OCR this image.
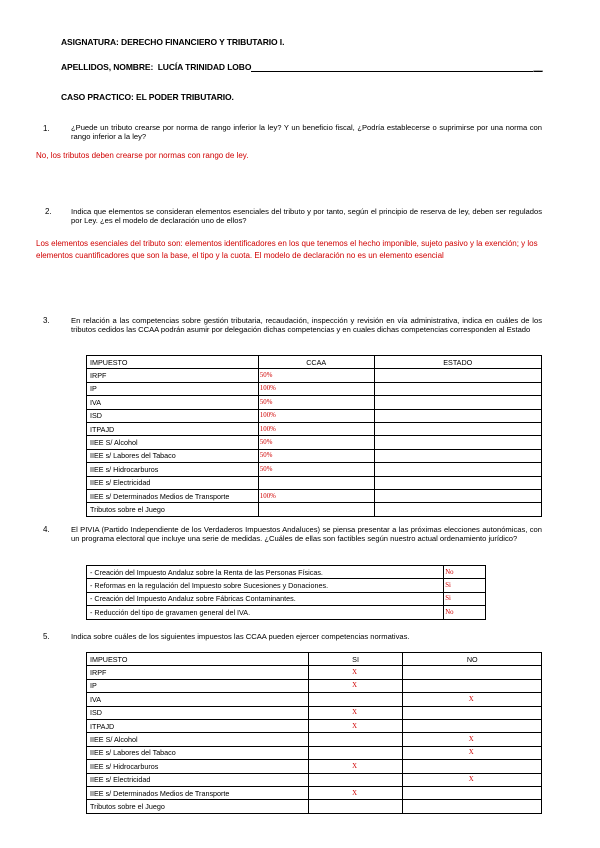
ASIGNATURA: DERECHO FINANCIERO Y TRIBUTARIO I.
APELLIDOS, NOMBRE: LUCÍA TRINIDAD LOBO	__
CASO PRACTICO: EL PODER TRIBUTARIO.
1.	¿Puede un tributo crearse por norma de rango inferior la ley? Y un beneficio fiscal, ¿Podría establecerse o suprimirse por una norma con rango inferior a la ley?
No, los tributos deben crearse por normas con rango de ley.
2.	Indica que elementos se consideran elementos esenciales del tributo y por tanto, según el principio de reserva de ley, deben ser regulados por Ley. ¿es el modelo de declaración uno de ellos?
Los elementos esenciales del tributo son: elementos identificadores en los que tenemos el hecho imponible, sujeto pasivo y la exención; y los elementos cuantificadores que son la base, el tipo y la cuota. El modelo de declaración no es un elemento esencial
3.	En relación a las competencias sobre gestión tributaria, recaudación, inspección y revisión en vía administrativa, indica en cuáles de los tributos cedidos las CCAA podrán asumir por delegación dichas competencias y en cuales dichas competencias corresponden al Estado
IMPUESTO	CCAA	ESTADO
IRPF	50%	
IP	100%	
IVA	50%	
ISD	100%	
ITPAJD	100%	
IIEE S/ Alcohol	50%	
IIEE s/ Labores del Tabaco	50%	
IIEE s/ Hidrocarburos	50%	
IIEE s/ Electricidad		
IIEE s/ Determinados Medios de Transporte	100%	
Tributos sobre el Juego		
4.	El PIVIA (Partido Independiente de los Verdaderos Impuestos Andaluces) se piensa presentar a las próximas elecciones autonómicas, con un programa electoral que incluye una serie de medidas. ¿Cuáles de ellas son factibles según nuestro actual ordenamiento jurídico?
- Creación del Impuesto Andaluz sobre la Renta de las Personas Físicas.	No
- Reformas en la regulación del Impuesto sobre Sucesiones y Donaciones.	Si
- Creación del Impuesto Andaluz sobre Fábricas Contaminantes.	Si
- Reducción del tipo de gravamen general del IVA.	No
5.	Indica sobre cuáles de los siguientes impuestos las CCAA pueden ejercer competencias normativas.
IMPUESTO	SI	NO
IRPF	X	
IP	X	
IVA		X
ISD	X	
ITPAJD	X	
IIEE S/ Alcohol		X
IIEE s/ Labores del Tabaco		X
IIEE s/ Hidrocarburos	X	
IIEE s/ Electricidad		X
IIEE s/ Determinados Medios de Transporte	X	
Tributos sobre el Juego		
